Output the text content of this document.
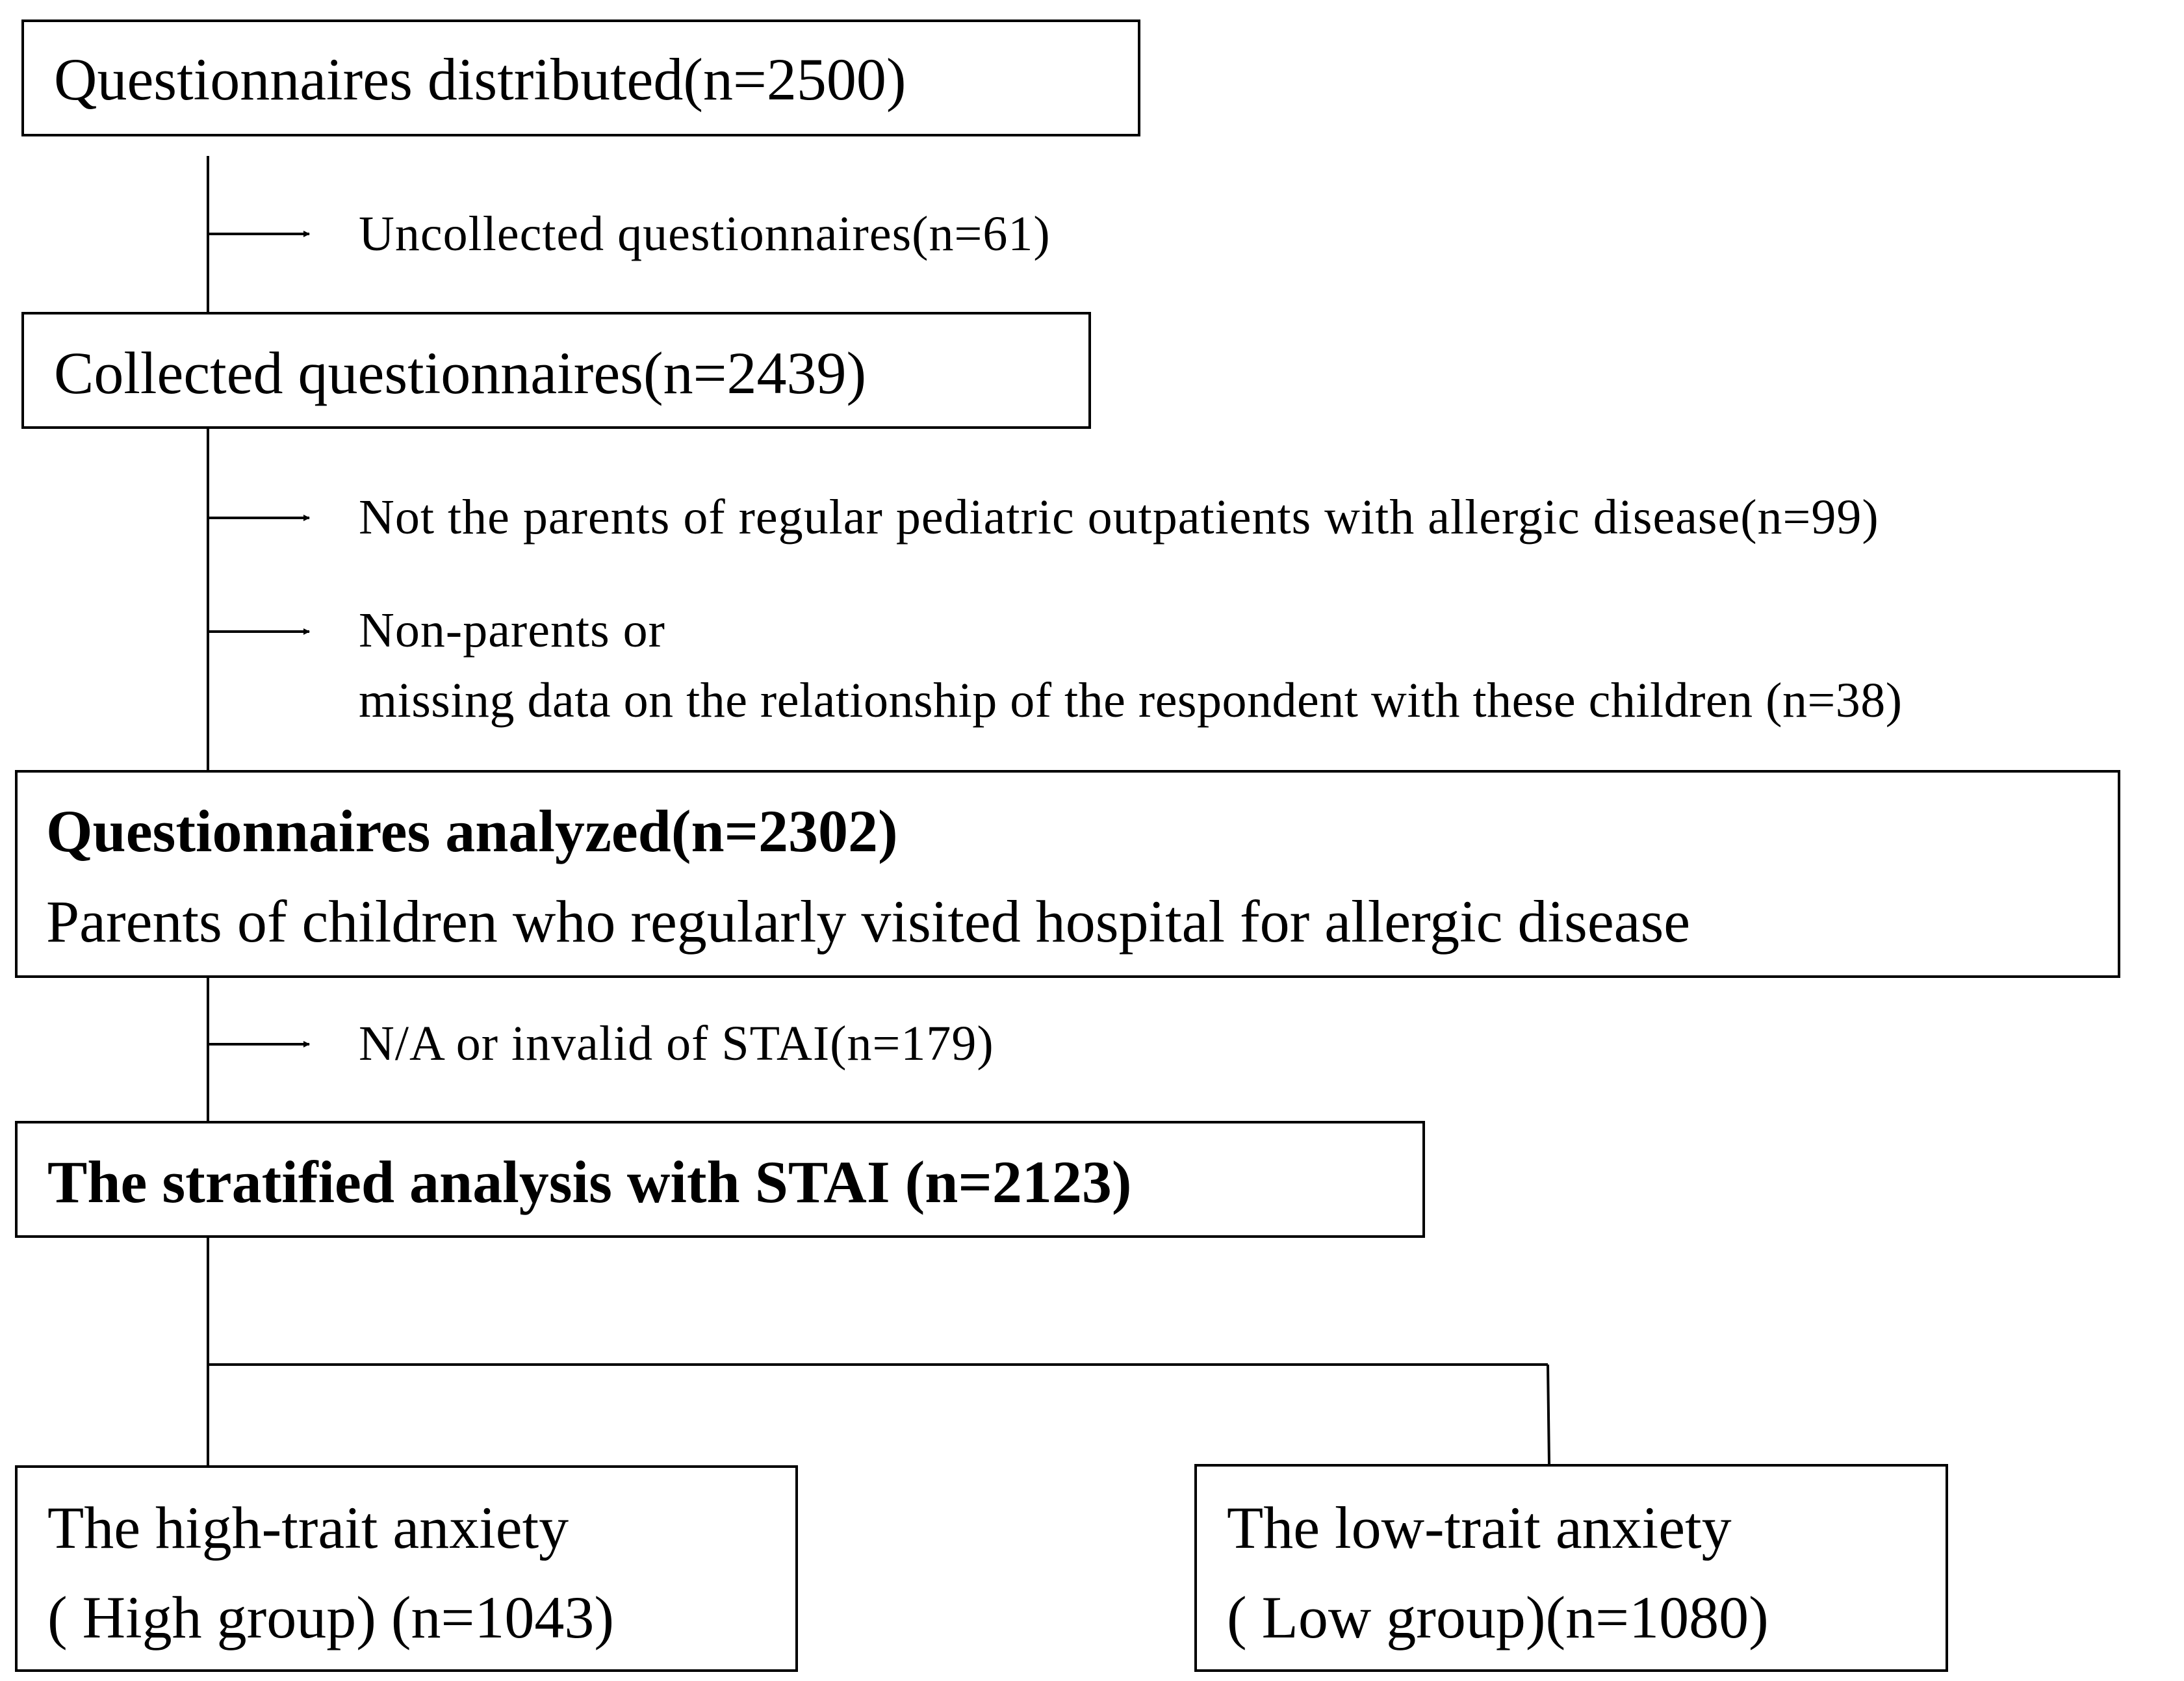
Questionnaires distributed(n=2500)
Uncollected questionnaires(n=61)
Collected questionnaires(n=2439)
Not the parents of regular pediatric outpatients with allergic disease(n=99)
Non-parents or
missing data on the relationship of the respondent with these children (n=38)
Questionnaires analyzed(n=2302)
Parents of children who regularly visited hospital for allergic disease
N/A or invalid of STAI(n=179)
The stratified analysis with STAI (n=2123)
The high-trait anxiety
( High group) (n=1043)
The low-trait anxiety
( Low group)(n=1080)
